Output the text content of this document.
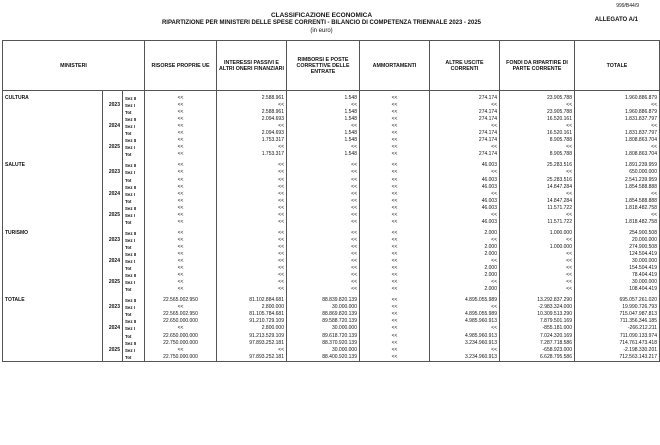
999/B44/9
CLASSIFICAZIONE ECONOMICA
RIPARTIZIONE PER MINISTERI DELLE SPESE CORRENTI - BILANCIO DI COMPETENZA TRIENNALE 2023 - 2025
(in euro)
ALLEGATO A/1
MINISTERI			RISORSE PROPRIE UE	INTERESSI PASSIVI E ALTRI ONERI FINANZIARI	RIMBORSI E POSTE CORRETTIVE DELLE ENTRATE	AMMORTAMENTI	ALTRE USCITE CORRENTI	FONDI DA RIPARTIRE DI PARTE CORRENTE	TOTALE

CULTURA		Sez II	<<	2.588.961	1.548	<<	274.174	23.905.788	1.960.886.879
	2023	Sez I	<<	<<	<<	<<	<<	<<	<<
		Tot	<<	2.588.961	1.548	<<	274.174	23.905.788	1.960.886.879
		Sez II	<<	2.094.693	1.548	<<	274.174	16.520.161	1.831.837.797
	2024	Sez I	<<	<<	<<	<<	<<	<<	<<
		Tot	<<	2.094.693	1.548	<<	274.174	16.520.161	1.831.837.797
		Sez II	<<	1.753.317	1.548	<<	274.174	8.905.788	1.808.863.704
	2025	Sez I	<<	<<	<<	<<	<<	<<	<<
		Tot	<<	1.753.317	1.548	<<	274.174	8.905.788	1.808.863.704

SALUTE		Sez II	<<	<<	<<	<<	46.003	25.283.516	1.891.239.959
	2023	Sez I	<<	<<	<<	<<	<<	<<	650.000.000
		Tot	<<	<<	<<	<<	46.003	25.283.516	2.541.239.959
		Sez II	<<	<<	<<	<<	46.003	14.847.284	1.854.588.888
	2024	Sez I	<<	<<	<<	<<	<<	<<	<<
		Tot	<<	<<	<<	<<	46.003	14.847.284	1.854.588.888
		Sez II	<<	<<	<<	<<	46.003	11.571.722	1.818.482.758
	2025	Sez I	<<	<<	<<	<<	<<	<<	<<
		Tot	<<	<<	<<	<<	46.003	11.571.722	1.818.482.758

TURISMO		Sez II	<<	<<	<<	<<	2.000	1.000.000	254.900.508
	2023	Sez I	<<	<<	<<	<<	<<	<<	20.000.000
		Tot	<<	<<	<<	<<	2.000	1.000.000	274.900.508
		Sez II	<<	<<	<<	<<	2.000	<<	124.504.419
	2024	Sez I	<<	<<	<<	<<	<<	<<	30.000.000
		Tot	<<	<<	<<	<<	2.000	<<	154.504.419
		Sez II	<<	<<	<<	<<	2.000	<<	78.404.419
	2025	Sez I	<<	<<	<<	<<	<<	<<	30.000.000
		Tot	<<	<<	<<	<<	2.000	<<	108.404.419

TOTALE		Sez II	22.565.002.950	81.102.884.681	88.839.820.139	<<	4.895.055.989	13.292.837.290	695.057.261.020
	2023	Sez I	<<	2.800.000	30.000.000	<<	<<	-2.983.324.000	19.990.726.793
		Tot	22.565.002.950	81.105.784.681	88.869.820.139	<<	4.895.055.989	10.309.513.290	715.047.987.813
		Sez II	22.650.000.000	91.210.729.109	89.588.720.139	<<	4.985.960.913	7.879.501.169	711.356.346.185
	2024	Sez I	<<	2.800.000	30.000.000	<<	<<	-855.181.000	-266.212.211
		Tot	22.650.000.000	91.213.529.109	89.618.720.139	<<	4.985.960.913	7.024.320.169	711.090.133.974
		Sez II	22.750.000.000	97.893.252.181	88.370.920.139	<<	3.234.960.913	7.287.718.586	714.761.473.418
	2025	Sez I	<<	<<	30.000.000	<<	<<	-658.923.000	-2.198.330.201
		Tot	22.750.000.000	97.893.252.181	88.400.920.139	<<	3.234.960.913	6.628.795.586	712.563.143.217
